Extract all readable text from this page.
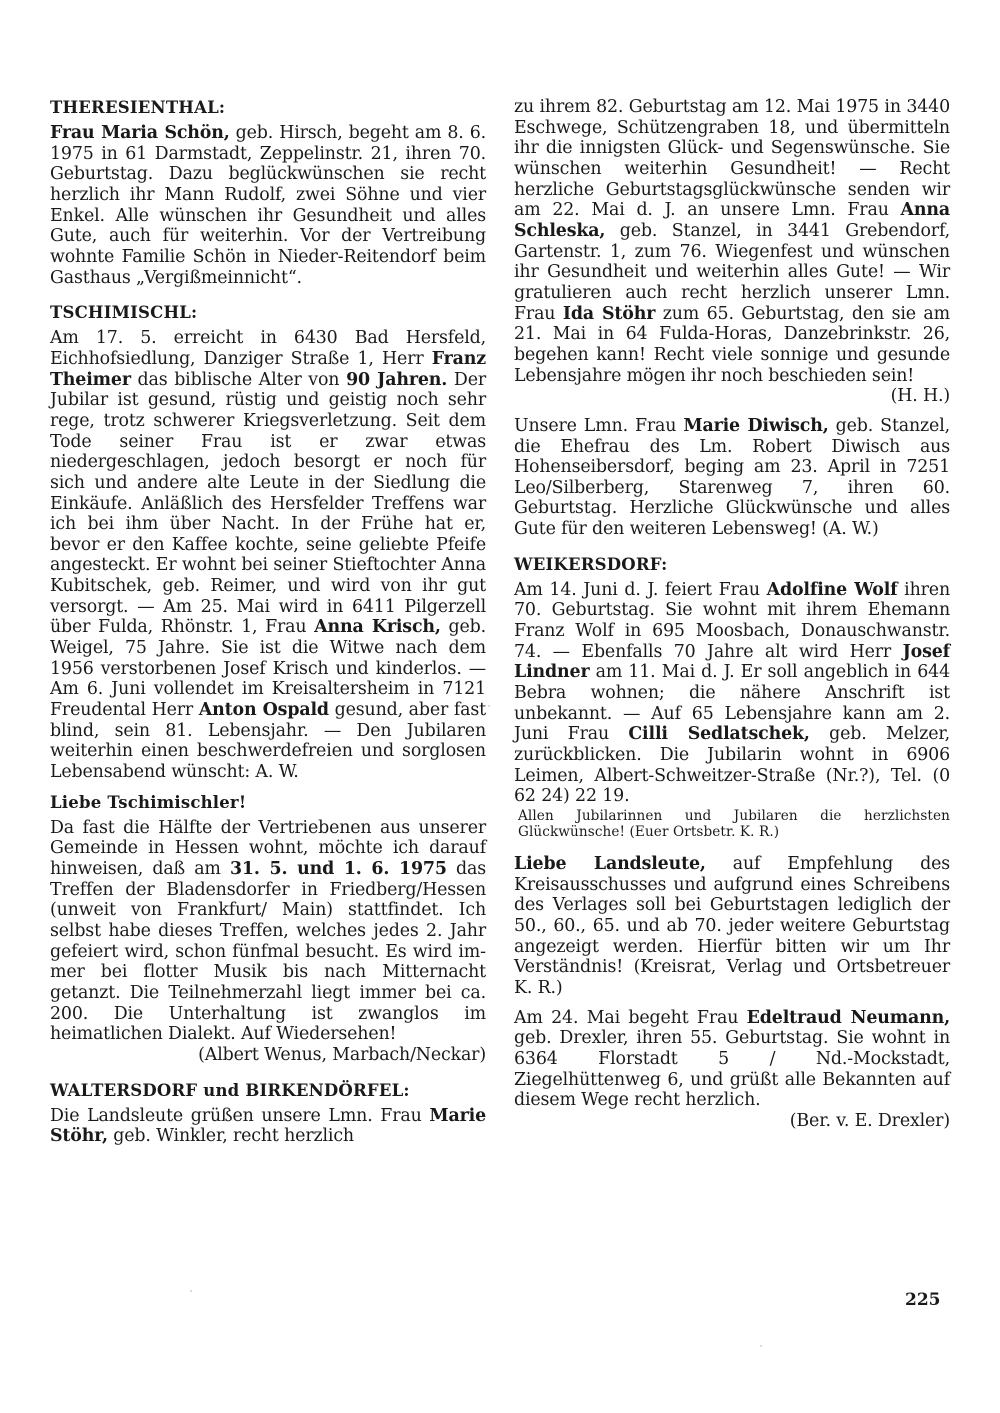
THERESIENTHAL:

Frau Maria Schön, geb. Hirsch, begeht am 8. 6. 1975 in 61 Darmstadt, Zeppelinstr. 21, ihren 70. Geburtstag. Dazu beglückwünschen sie recht herzlich ihr Mann Rudolf, zwei Söhne und vier Enkel. Alle wünschen ihr Gesundheit und alles Gute, auch für weiterhin. Vor der Vertreibung wohnte Familie Schön in Nieder-Reitendorf beim Gasthaus „Vergißmeinnicht“.

TSCHIMISCHL:

Am 17. 5. erreicht in 6430 Bad Hersfeld, Eichhofsiedlung, Danziger Straße 1, Herr Franz Theimer das biblische Alter von 90 Jahren. Der Jubilar ist gesund, rüstig und geistig noch sehr rege, trotz schwerer Kriegsverletzung. Seit dem Tode seiner Frau ist er zwar etwas niedergeschlagen, jedoch besorgt er noch für sich und andere alte Leute in der Siedlung die Einkäufe. Anläßlich des Hersfelder Treffens war ich bei ihm über Nacht. In der Frühe hat er, bevor er den Kaffee kochte, seine geliebte Pfeife angesteckt. Er wohnt bei seiner Stieftochter Anna Kubitschek, geb. Reimer, und wird von ihr gut versorgt. — Am 25. Mai wird in 6411 Pilgerzell über Fulda, Rhönstr. 1, Frau Anna Krisch, geb. Weigel, 75 Jahre. Sie ist die Witwe nach dem 1956 verstorbenen Josef Krisch und kinderlos. — Am 6. Juni vollendet im Kreisaltersheim in 7121 Freudental Herr Anton Ospald gesund, aber fast blind, sein 81. Lebensjahr. — Den Jubilaren weiterhin einen beschwerdefreien und sorglosen Lebensabend wünscht: A. W.

Liebe Tschimischler!

Da fast die Hälfte der Vertriebenen aus unserer Gemeinde in Hessen wohnt, möchte ich darauf hinweisen, daß am 31. 5. und 1. 6. 1975 das Treffen der Bladensdorfer in Friedberg/Hessen (unweit von Frankfurt/ Main) stattfindet. Ich selbst habe dieses Treffen, welches jedes 2. Jahr gefeiert wird, schon fünfmal besucht. Es wird immer bei flotter Musik bis nach Mitternacht getanzt. Die Teilnehmerzahl liegt immer bei ca. 200. Die Unterhaltung ist zwanglos im heimatlichen Dialekt. Auf Wiedersehen!

(Albert Wenus, Marbach/Neckar)

WALTERSDORF und BIRKENDÖRFEL:

Die Landsleute grüßen unsere Lmn. Frau Marie Stöhr, geb. Winkler, recht herzlich

zu ihrem 82. Geburtstag am 12. Mai 1975 in 3440 Eschwege, Schützengraben 18, und übermitteln ihr die innigsten Glück- und Segenswünsche. Sie wünschen weiterhin Gesundheit! — Recht herzliche Geburtstagsglückwünsche senden wir am 22. Mai d. J. an unsere Lmn. Frau Anna Schleska, geb. Stanzel, in 3441 Grebendorf, Gartenstr. 1, zum 76. Wiegenfest und wünschen ihr Gesundheit und weiterhin alles Gute! — Wir gratulieren auch recht herzlich unserer Lmn. Frau Ida Stöhr zum 65. Geburtstag, den sie am 21. Mai in 64 Fulda-Horas, Danzebrinkstr. 26, begehen kann! Recht viele sonnige und gesunde Lebensjahre mögen ihr noch beschieden sein!

(H. H.)

Unsere Lmn. Frau Marie Diwisch, geb. Stanzel, die Ehefrau des Lm. Robert Diwisch aus Hohenseibersdorf, beging am 23. April in 7251 Leo/Silberberg, Starenweg 7, ihren 60. Geburtstag. Herzliche Glückwünsche und alles Gute für den weiteren Lebensweg! (A. W.)

WEIKERSDORF:

Am 14. Juni d. J. feiert Frau Adolfine Wolf ihren 70. Geburtstag. Sie wohnt mit ihrem Ehemann Franz Wolf in 695 Moosbach, Donauschwanstr. 74. — Ebenfalls 70 Jahre alt wird Herr Josef Lindner am 11. Mai d. J. Er soll angeblich in 644 Bebra wohnen; die nähere Anschrift ist unbekannt. — Auf 65 Lebensjahre kann am 2. Juni Frau Cilli Sedlatschek, geb. Melzer, zurückblicken. Die Jubilarin wohnt in 6906 Leimen, Albert-Schweitzer-Straße (Nr.?), Tel. (0 62 24) 22 19.

Allen Jubilarinnen und Jubilaren die herzlichsten Glückwünsche! (Euer Ortsbetr. K. R.)

Liebe Landsleute, auf Empfehlung des Kreisausschusses und aufgrund eines Schreibens des Verlages soll bei Geburtstagen lediglich der 50., 60., 65. und ab 70. jeder weitere Geburtstag angezeigt werden. Hierfür bitten wir um Ihr Verständnis! (Kreisrat, Verlag und Ortsbetreuer K. R.)

Am 24. Mai begeht Frau Edeltraud Neumann, geb. Drexler, ihren 55. Geburtstag. Sie wohnt in 6364 Florstadt 5 / Nd.-Mockstadt, Ziegelhüttenweg 6, und grüßt alle Bekannten auf diesem Wege recht herzlich.

(Ber. v. E. Drexler)

225
